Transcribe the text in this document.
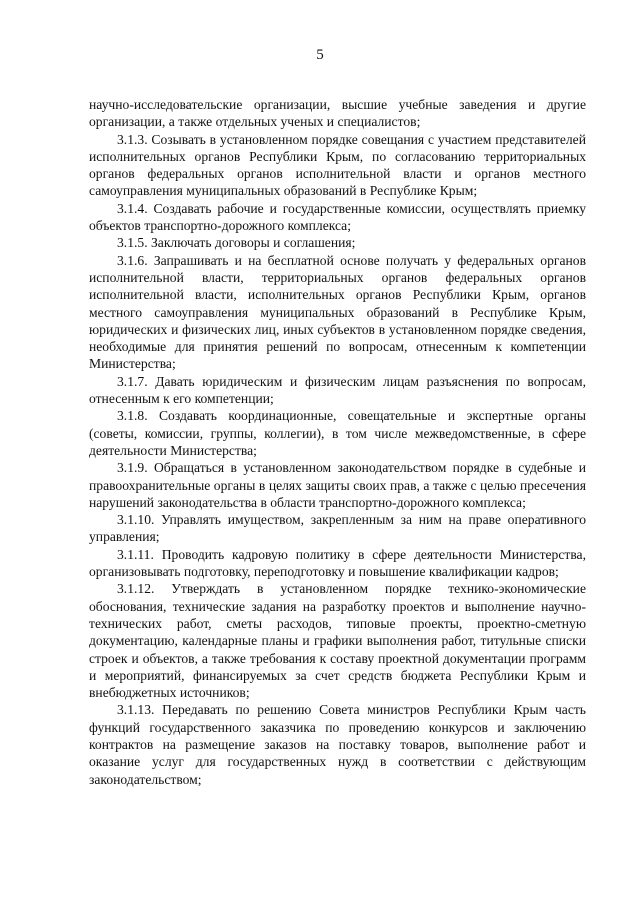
5

научно-исследовательские организации, высшие учебные заведения и другие организации, а также отдельных ученых и специалистов;

3.1.3. Созывать в установленном порядке совещания с участием представителей исполнительных органов Республики Крым, по согласованию территориальных органов федеральных органов исполнительной власти и органов местного самоуправления муниципальных образований в Республике Крым;

3.1.4. Создавать рабочие и государственные комиссии, осуществлять приемку объектов транспортно-дорожного комплекса;

3.1.5. Заключать договоры и соглашения;

3.1.6. Запрашивать и на бесплатной основе получать у федеральных органов исполнительной власти, территориальных органов федеральных органов исполнительной власти, исполнительных органов Республики Крым, органов местного самоуправления муниципальных образований в Республике Крым, юридических и физических лиц, иных субъектов в установленном порядке сведения, необходимые для принятия решений по вопросам, отнесенным к компетенции Министерства;

3.1.7. Давать юридическим и физическим лицам разъяснения по вопросам, отнесенным к его компетенции;

3.1.8. Создавать координационные, совещательные и экспертные органы (советы, комиссии, группы, коллегии), в том числе межведомственные, в сфере деятельности Министерства;

3.1.9. Обращаться в установленном законодательством порядке в судебные и правоохранительные органы в целях защиты своих прав, а также с целью пресечения нарушений законодательства в области транспортно-дорожного комплекса;

3.1.10. Управлять имуществом, закрепленным за ним на праве оперативного управления;

3.1.11. Проводить кадровую политику в сфере деятельности Министерства, организовывать подготовку, переподготовку и повышение квалификации кадров;

3.1.12. Утверждать в установленном порядке технико-экономические обоснования, технические задания на разработку проектов и выполнение научно-технических работ, сметы расходов, типовые проекты, проектно-сметную документацию, календарные планы и графики выполнения работ, титульные списки строек и объектов, а также требования к составу проектной документации программ и мероприятий, финансируемых за счет средств бюджета Республики Крым и внебюджетных источников;

3.1.13. Передавать по решению Совета министров Республики Крым часть функций государственного заказчика по проведению конкурсов и заключению контрактов на размещение заказов на поставку товаров, выполнение работ и оказание услуг для государственных нужд в соответствии с действующим законодательством;
